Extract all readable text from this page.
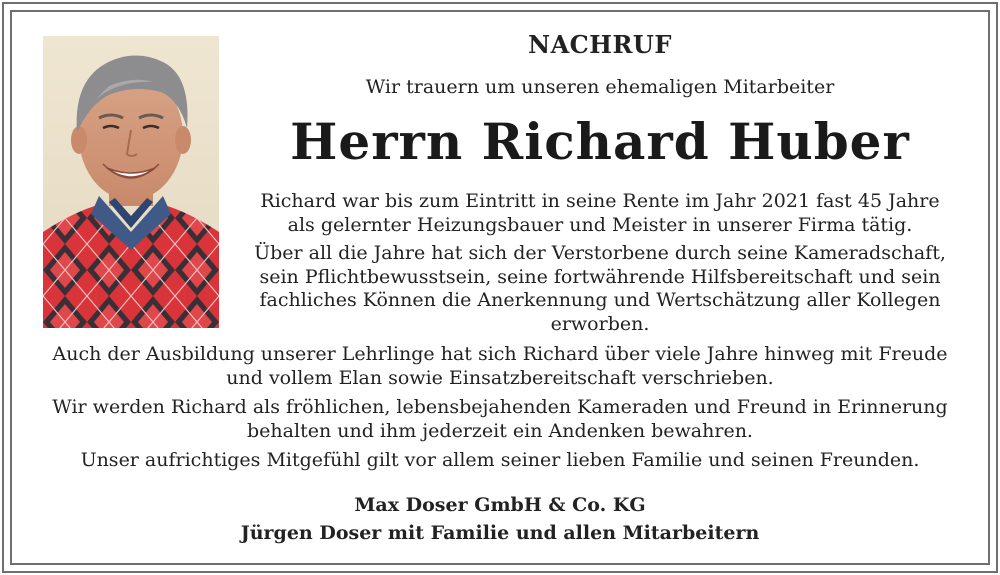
NACHRUF
Wir trauern um unseren ehemaligen Mitarbeiter
Herrn Richard Huber
Richard war bis zum Eintritt in seine Rente im Jahr 2021 fast 45 Jahre
als gelernter Heizungsbauer und Meister in unserer Firma tätig.
Über all die Jahre hat sich der Verstorbene durch seine Kameradschaft,
sein Pflichtbewusstsein, seine fortwährende Hilfsbereitschaft und sein
fachliches Können die Anerkennung und Wertschätzung aller Kollegen
erworben.
Auch der Ausbildung unserer Lehrlinge hat sich Richard über viele Jahre hinweg mit Freude
und vollem Elan sowie Einsatzbereitschaft verschrieben.
Wir werden Richard als fröhlichen, lebensbejahenden Kameraden und Freund in Erinnerung
behalten und ihm jederzeit ein Andenken bewahren.
Unser aufrichtiges Mitgefühl gilt vor allem seiner lieben Familie und seinen Freunden.
Max Doser GmbH & Co. KG
Jürgen Doser mit Familie und allen Mitarbeitern
